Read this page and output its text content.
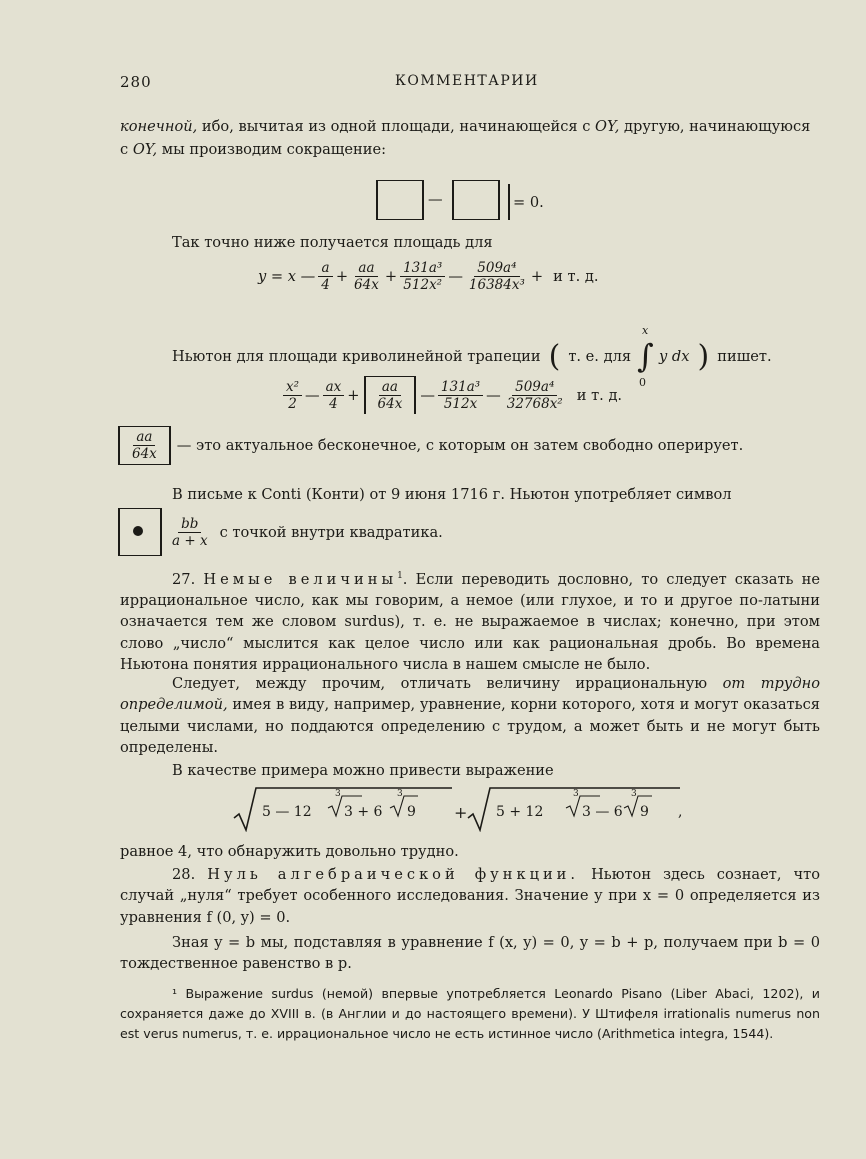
280	КОММЕНТАРИИ
конечной, ибо, вычитая из одной площади, начинающейся с OY, другую, начинающуюся
с OY, мы производим сокращение:
—	= 0.
Так точно ниже получается площадь для
y = x — $\frac{a}{4} + \frac{aa}{64x} + \frac{\text{131a³}}{\text{512x²}}$ — $\frac{\text{509a⁴}}{\text{16384x³}} + и$ т. д.
Ньютон для площади криволинейной трапеции ( т. е. для
x
∫
0
y dx ) пишет.
$\frac{\text{x²}}{2}$ — $\frac{ax}{4} + \frac{aa}{64x}$ — $\frac{\text{131a³}}{512x}$ — $\frac{\text{509a⁴}}{\text{32768x²}}$ и т. д.
$\frac{aa}{64x}$ — это актуальное бесконечное, с которым он затем свободно оперирует.
В письме к Conti (Конти) от 9 июня 1716 г. Ньютон употребляет символ
$\frac{bb}{a + x}$ с точкой внутри квадратика.
27. Немые величины$^1$. Если переводить дословно, то следует сказать не иррациональное число, как мы говорим, а немое (или глухое, и то и другое по-латыни означается тем же словом surdus), т. е. не выражаемое в числах; конечно, при этом слово „число“ мыслится как целое число или как рациональная дробь. Во времена Ньютона понятия иррационального числа в нашем смысле не было.
Следует, между прочим, отличать величину иррациональную от трудно определимой, имея в виду, например, уравнение, корни которого, хотя и могут оказаться целыми числами, но поддаются определению с трудом, а может быть и не могут быть определены.
В качестве примера можно привести выражение
5 — 12
3
3 + 6
3
9 + 5 + 12
3
3 — 6
3
9 ,
равное 4, что обнаружить довольно трудно.
28. Нуль алгебраической функции. Ньютон здесь сознает, что случай „нуля“ требует особенного исследования. Значение y при x = 0 определяется из уравнения f (0, y) = 0.
Зная y = b мы, подставляя в уравнение f (x, y) = 0, y = b + p, получаем при b = 0 тождественное равенство в p.
¹ Выражение surdus (немой) впервые употребляется Leonardo Pisano (Liber Abaci, 1202), и сохраняется даже до XVIII в. (в Англии и до настоящего времени). У Штифеля irrationalis numerus non est verus numerus, т. е. иррациональное число не есть истинное число (Arithmetica integra, 1544).
